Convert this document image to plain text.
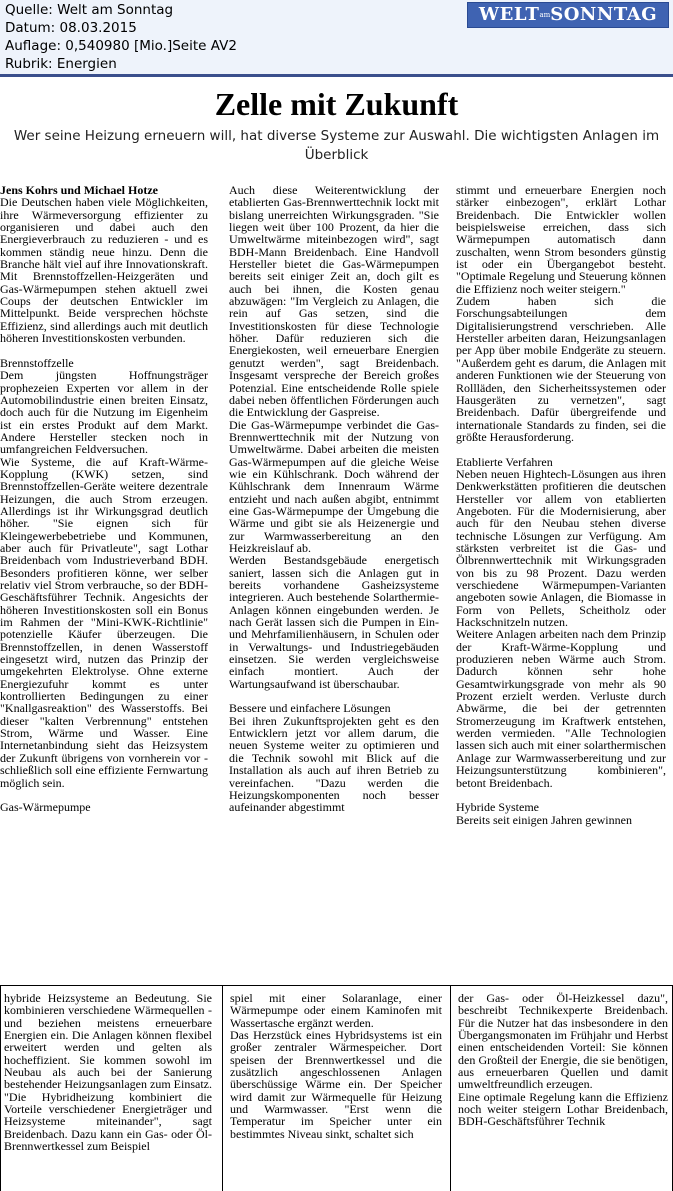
Quelle: Welt am Sonntag
Datum: 08.03.2015
Auflage: 0,540980 [Mio.]Seite AV2
Rubrik: Energien
WELTamSONNTAG
Zelle mit Zukunft
Wer seine Heizung erneuern will, hat diverse Systeme zur Auswahl. Die wichtigsten Anlagen im Überblick

Jens Kohrs und Michael Hotze

Die Deutschen haben viele Möglichkeiten, ihre Wärmeversorgung effizienter zu organisieren und dabei auch den Energieverbrauch zu reduzieren - und es kommen ständig neue hinzu. Denn die Branche hält viel auf ihre Innovationskraft. Mit Brennstoffzellen-Heizgeräten und Gas-Wärmepumpen stehen aktuell zwei Coups der deutschen Entwickler im Mittelpunkt. Beide versprechen höchste Effizienz, sind allerdings auch mit deutlich höheren Investitionskosten verbunden.

Brennstoffzelle

Dem jüngsten Hoffnungsträger prophezeien Experten vor allem in der Automobilindustrie einen breiten Einsatz, doch auch für die Nutzung im Eigenheim ist ein erstes Produkt auf dem Markt. Andere Hersteller stecken noch in umfangreichen Feldversuchen.

Wie Systeme, die auf Kraft-Wärme-Kopplung (KWK) setzen, sind Brennstoffzellen-Geräte weitere dezentrale Heizungen, die auch Strom erzeugen. Allerdings ist ihr Wirkungsgrad deutlich höher. "Sie eignen sich für Kleingewerbebetriebe und Kommunen, aber auch für Privatleute", sagt Lothar Breidenbach vom Industrieverband BDH. Besonders profitieren könne, wer selber relativ viel Strom verbrauche, so der BDH-Geschäftsführer Technik. Angesichts der höheren Investitionskosten soll ein Bonus im Rahmen der "Mini-KWK-Richtlinie" potenzielle Käufer überzeugen. Die Brennstoffzellen, in denen Wasserstoff eingesetzt wird, nutzen das Prinzip der umgekehrten Elektrolyse. Ohne externe Energiezufuhr kommt es unter kontrollierten Bedingungen zu einer "Knallgasreaktion" des Wasserstoffs. Bei dieser "kalten Verbrennung" entstehen Strom, Wärme und Wasser. Eine Internetanbindung sieht das Heizsystem der Zukunft übrigens von vornherein vor - schließlich soll eine effiziente Fernwartung möglich sein.

Gas-Wärmepumpe

Auch diese Weiterentwicklung der etablierten Gas-Brennwerttechnik lockt mit bislang unerreichten Wirkungsgraden. "Sie liegen weit über 100 Prozent, da hier die Umweltwärme miteinbezogen wird", sagt BDH-Mann Breidenbach. Eine Handvoll Hersteller bietet die Gas-Wärmepumpen bereits seit einiger Zeit an, doch gilt es auch bei ihnen, die Kosten genau abzuwägen: "Im Vergleich zu Anlagen, die rein auf Gas setzen, sind die Investitionskosten für diese Technologie höher. Dafür reduzieren sich die Energiekosten, weil erneuerbare Energien genutzt werden", sagt Breidenbach. Insgesamt verspreche der Bereich großes Potenzial. Eine entscheidende Rolle spiele dabei neben öffentlichen Förderungen auch die Entwicklung der Gaspreise.

Die Gas-Wärmepumpe verbindet die Gas-Brennwerttechnik mit der Nutzung von Umweltwärme. Dabei arbeiten die meisten Gas-Wärmepumpen auf die gleiche Weise wie ein Kühlschrank. Doch während der Kühlschrank dem Innenraum Wärme entzieht und nach außen abgibt, entnimmt eine Gas-Wärmepumpe der Umgebung die Wärme und gibt sie als Heizenergie und zur Warmwasserbereitung an den Heizkreislauf ab.

Werden Bestandsgebäude energetisch saniert, lassen sich die Anlagen gut in bereits vorhandene Gasheizsysteme integrieren. Auch bestehende Solarthermie-Anlagen können eingebunden werden. Je nach Gerät lassen sich die Pumpen in Ein- und Mehrfamilienhäusern, in Schulen oder in Verwaltungs- und Industriegebäuden einsetzen. Sie werden vergleichsweise einfach montiert. Auch der Wartungsaufwand ist überschaubar.

Bessere und einfachere Lösungen

Bei ihren Zukunftsprojekten geht es den Entwicklern jetzt vor allem darum, die neuen Systeme weiter zu optimieren und die Technik sowohl mit Blick auf die Installation als auch auf ihren Betrieb zu vereinfachen. "Dazu werden die Heizungskomponenten noch besser aufeinander abgestimmt

stimmt und erneuerbare Energien noch stärker einbezogen", erklärt Lothar Breidenbach. Die Entwickler wollen beispielsweise erreichen, dass sich Wärmepumpen automatisch dann zuschalten, wenn Strom besonders günstig ist oder ein Übergangebot besteht. "Optimale Regelung und Steuerung können die Effizienz noch weiter steigern."

Zudem haben sich die Forschungsabteilungen dem Digitalisierungstrend verschrieben. Alle Hersteller arbeiten daran, Heizungsanlagen per App über mobile Endgeräte zu steuern. "Außerdem geht es darum, die Anlagen mit anderen Funktionen wie der Steuerung von Rollläden, den Sicherheitssystemen oder Hausgeräten zu vernetzen", sagt Breidenbach. Dafür übergreifende und internationale Standards zu finden, sei die größte Herausforderung.

Etablierte Verfahren

Neben neuen Hightech-Lösungen aus ihren Denkwerkstätten profitieren die deutschen Hersteller vor allem von etablierten Angeboten. Für die Modernisierung, aber auch für den Neubau stehen diverse technische Lösungen zur Verfügung. Am stärksten verbreitet ist die Gas- und Ölbrennwerttechnik mit Wirkungsgraden von bis zu 98 Prozent. Dazu werden verschiedene Wärmepumpen-Varianten angeboten sowie Anlagen, die Biomasse in Form von Pellets, Scheitholz oder Hackschnitzeln nutzen.

Weitere Anlagen arbeiten nach dem Prinzip der Kraft-Wärme-Kopplung und produzieren neben Wärme auch Strom. Dadurch können sehr hohe Gesamtwirkungsgrade von mehr als 90 Prozent erzielt werden. Verluste durch Abwärme, die bei der getrennten Stromerzeugung im Kraftwerk entstehen, werden vermieden. "Alle Technologien lassen sich auch mit einer solarthermischen Anlage zur Warmwasserbereitung und zur Heizungsunterstützung kombinieren", betont Breidenbach.

Hybride Systeme

Bereits seit einigen Jahren gewinnen

hybride Heizsysteme an Bedeutung. Sie kombinieren verschiedene Wärmequellen - und beziehen meistens erneuerbare Energien ein. Die Anlagen können flexibel erweitert werden und gelten als hocheffizient. Sie kommen sowohl im Neubau als auch bei der Sanierung bestehender Heizungsanlagen zum Einsatz. "Die Hybridheizung kombiniert die Vorteile verschiedener Energieträger und Heizsysteme miteinander", sagt Breidenbach. Dazu kann ein Gas- oder Öl-Brennwertkessel zum Beispiel

spiel mit einer Solaranlage, einer Wärmepumpe oder einem Kaminofen mit Wassertasche ergänzt werden.

Das Herzstück eines Hybridsystems ist ein großer zentraler Wärmespeicher. Dort speisen der Brennwertkessel und die zusätzlich angeschlossenen Anlagen überschüssige Wärme ein. Der Speicher wird damit zur Wärmequelle für Heizung und Warmwasser. "Erst wenn die Temperatur im Speicher unter ein bestimmtes Niveau sinkt, schaltet sich

der Gas- oder Öl-Heizkessel dazu", beschreibt Technikexperte Breidenbach. Für die Nutzer hat das insbesondere in den Übergangsmonaten im Frühjahr und Herbst einen entscheidenden Vorteil: Sie können den Großteil der Energie, die sie benötigen, aus erneuerbaren Quellen und damit umweltfreundlich erzeugen.

Eine optimale Regelung kann die Effizienz noch weiter steigern Lothar Breidenbach, BDH-Geschäftsführer Technik
